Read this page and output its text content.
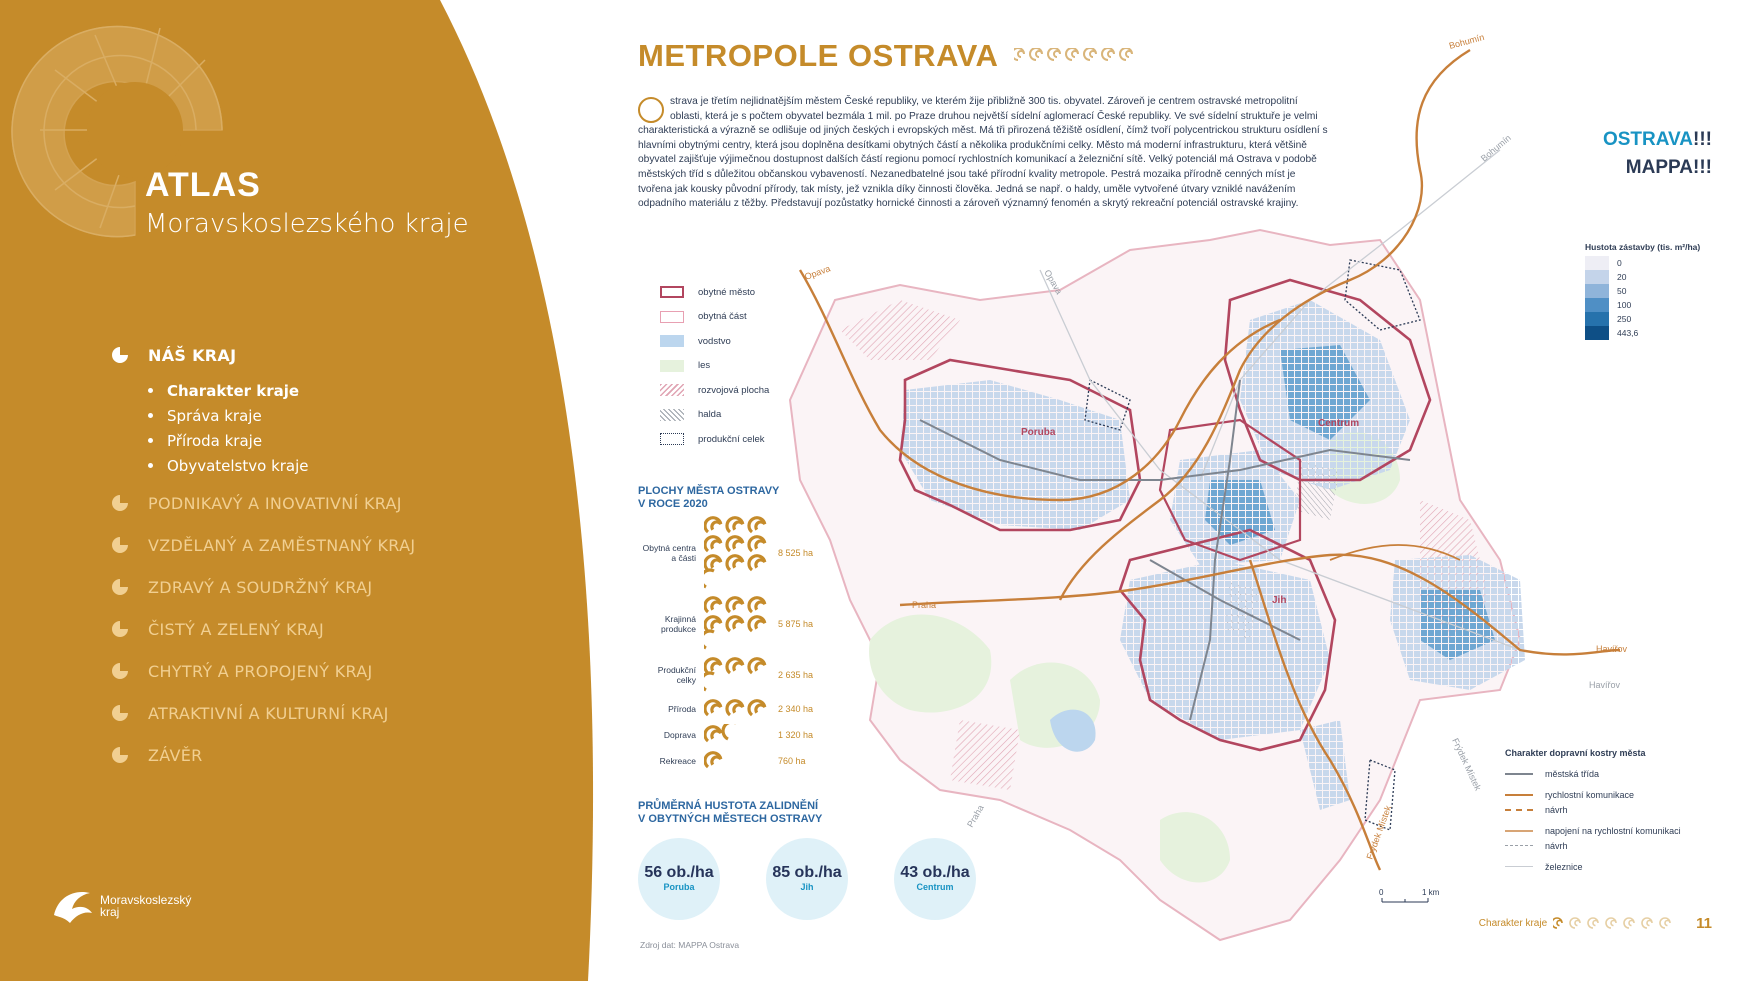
ATLAS
Moravskoslezského kraje
NÁŠ KRAJ
Charakter kraje
Správa kraje
Příroda kraje
Obyvatelstvo kraje
PODNIKAVÝ A INOVATIVNÍ KRAJ
VZDĚLANÝ A ZAMĚSTNANÝ KRAJ
ZDRAVÝ A SOUDRŽNÝ KRAJ
ČISTÝ A ZELENÝ KRAJ
CHYTRÝ A PROPOJENÝ KRAJ
ATRAKTIVNÍ A KULTURNÍ KRAJ
ZÁVĚR
Moravskoslezský
kraj
METROPOLE OSTRAVA
strava je třetím nejlidnatějším městem České republiky, ve kterém žije přibližně 300 tis. obyvatel. Zároveň je centrem ostravské metropolitní oblasti, která je s počtem obyvatel bezmála 1 mil. po Praze druhou největší sídelní aglomerací České republiky. Ve své sídelní struktuře je velmi charakteristická a výrazně se odlišuje od jiných českých i evropských měst. Má tři přirozená těžiště osídlení, čímž tvoří polycentrickou strukturu osídlení s hlavními obytnými centry, která jsou doplněna desítkami obytných částí a několika produkčními celky. Město má moderní infrastrukturu, která většině obyvatel zajišťuje výjimečnou dostupnost dalších částí regionu pomocí rychlostních komunikací a železniční sítě. Velký potenciál má Ostrava v podobě městských tříd s důležitou občanskou vybaveností. Nezanedbatelné jsou také přírodní kvality metropole. Pestrá mozaika přírodně cenných míst je tvořena jak kousky původní přírody, tak místy, jež vznikla díky činnosti člověka. Jedná se např. o haldy, uměle vytvořené útvary vzniklé navážením odpadního materiálu z těžby. Představují pozůstatky hornické činnosti a zároveň významný fenomén a skrytý rekreační potenciál ostravské krajiny.
OSTRAVA!!!
MAPPA!!!
Poruba
Centrum
Jih
Bohumín
Bohumín
Opava	Opava
Praha
Havířov
Havířov
Frýdek Místek
Frýdek Místek
Praha
0	1 km
obytné město
obytná část
vodstvo
les
rozvojová plocha
halda
produkční celek
PLOCHY MĚSTA OSTRAVY
V ROCE 2020
Obytná centra
a části	8 525 ha
Krajinná
produkce	5 875 ha
Produkční
celky	2 635 ha
Příroda	2 340 ha
Doprava	1 320 ha
Rekreace	760 ha
PRŮMĚRNÁ HUSTOTA ZALIDNĚNÍ
V OBYTNÝCH MĚSTECH OSTRAVY
56 ob./ha
Poruba
85 ob./ha
Jih
43 ob./ha
Centrum
Zdroj dat: MAPPA Ostrava
Hustota zástavby (tis. m²/ha)
0
20
50
100
250
443,6
Charakter dopravní kostry města
městská třída
rychlostní komunikace
návrh
napojení na rychlostní komunikaci
návrh
železnice
Charakter kraje	11
